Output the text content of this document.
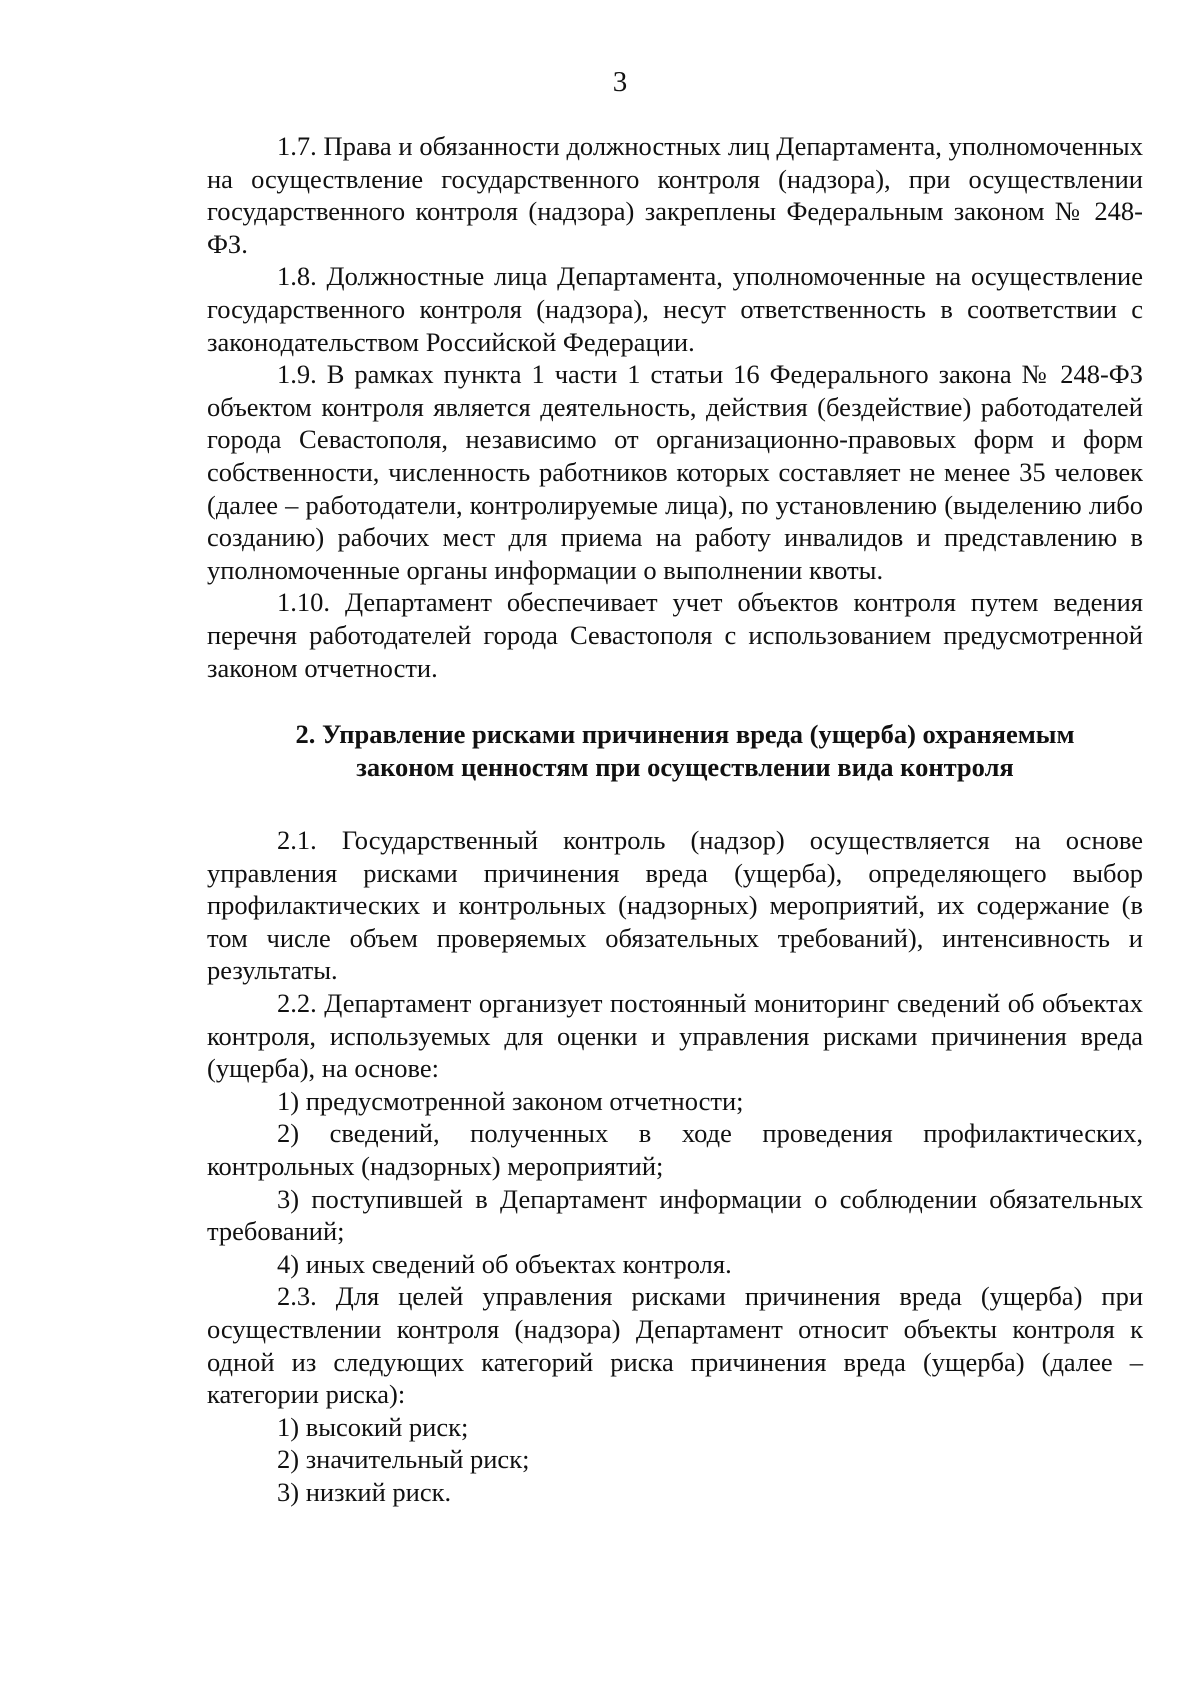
3

1.7. Права и обязанности должностных лиц Департамента, уполномоченных на осуществление государственного контроля (надзора), при осуществлении государственного контроля (надзора) закреплены Федеральным законом № 248-ФЗ.

1.8. Должностные лица Департамента, уполномоченные на осуществление государственного контроля (надзора), несут ответственность в соответствии с законодательством Российской Федерации.

1.9. В рамках пункта 1 части 1 статьи 16 Федерального закона № 248-ФЗ объектом контроля является деятельность, действия (бездействие) работодателей города Севастополя, независимо от организационно-правовых форм и форм собственности, численность работников которых составляет не менее 35 человек (далее – работодатели, контролируемые лица), по установлению (выделению либо созданию) рабочих мест для приема на работу инвалидов и представлению в уполномоченные органы информации о выполнении квоты.

1.10. Департамент обеспечивает учет объектов контроля путем ведения перечня работодателей города Севастополя с использованием предусмотренной законом отчетности.

2. Управление рисками причинения вреда (ущерба) охраняемым
законом ценностям при осуществлении вида контроля

2.1. Государственный контроль (надзор) осуществляется на основе управления рисками причинения вреда (ущерба), определяющего выбор профилактических и контрольных (надзорных) мероприятий, их содержание (в том числе объем проверяемых обязательных требований), интенсивность и результаты.

2.2. Департамент организует постоянный мониторинг сведений об объектах контроля, используемых для оценки и управления рисками причинения вреда (ущерба), на основе:

1) предусмотренной законом отчетности;

2) сведений, полученных в ходе проведения профилактических, контрольных (надзорных) мероприятий;

3) поступившей в Департамент информации о соблюдении обязательных требований;

4) иных сведений об объектах контроля.

2.3. Для целей управления рисками причинения вреда (ущерба) при осуществлении контроля (надзора) Департамент относит объекты контроля к одной из следующих категорий риска причинения вреда (ущерба) (далее – категории риска):

1) высокий риск;

2) значительный риск;

3) низкий риск.
